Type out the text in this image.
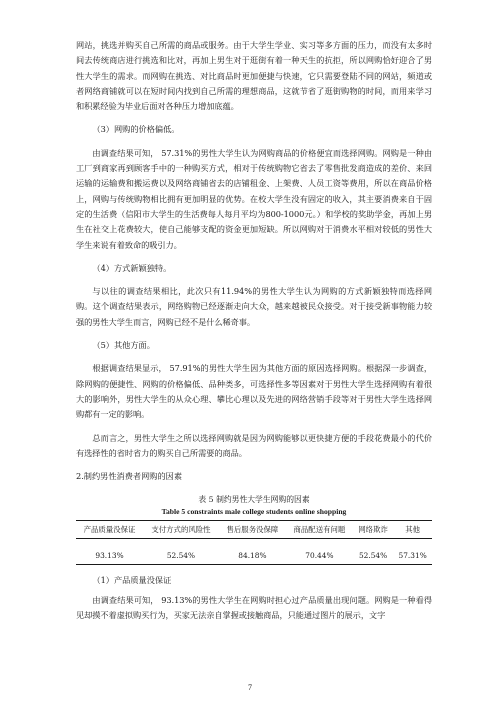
网站，挑选并购买自己所需的商品或服务。由于大学生学业、实习等多方面的压力，而没有太多时间去传统商店进行挑选和比对，再加上男生对于逛街有着一种天生的抗拒，所以网购恰好迎合了男性大学生的需求。而网购在挑选、对比商品时更加便捷与快速，它只需要登陆不同的网站，频道或者网络商铺就可以在短时间内找到自己所需的理想商品，这就节省了逛街购物的时间，而用来学习和积累经验为毕业后面对各种压力增加底蕴。

（3）网购的价格偏低。

由调查结果可知， 57.31%的男性大学生认为网购商品的价格便宜而选择网购。网购是一种由工厂到商家再到顾客手中的一种购买方式，相对于传统购物它省去了零售批发商造成的差价、来回运输的运输费和搬运费以及网络商铺省去的店铺租金、上架费、人员工资等费用，所以在商品价格上，网购与传统购物相比拥有更加明显的优势。在校大学生没有固定的收入，其主要消费来自于固定的生活费（信阳市大学生的生活费每人每月平均为800-1000元。）和学校的奖助学金，再加上男生在社交上花费较大，使自己能够支配的资金更加短缺。所以网购对于消费水平相对较低的男性大学生来说有着致命的吸引力。

（4）方式新颖独特。

与以往的调查结果相比，此次只有11.94%的男性大学生认为网购的方式新颖独特而选择网购。这个调查结果表示，网络购物已经逐渐走向大众，越来越被民众接受。对于接受新事物能力较强的男性大学生而言，网购已经不是什么稀奇事。

（5）其他方面。

根据调查结果显示， 57.91%的男性大学生因为其他方面的原因选择网购。根据深一步调查，除网购的便捷性、网购的价格偏低、品种类多，可选择性多等因素对于男性大学生选择网购有着很大的影响外，男性大学生的从众心理、攀比心理以及先进的网络营销手段等对于男性大学生选择网购都有一定的影响。

总而言之，男性大学生之所以选择网购就是因为网购能够以更快捷方便的手段花费最小的代价有选择性的省时省力的购买自己所需要的商品。

2.制约男性消费者网购的因素
表 5 制约男性大学生网购的因素
Table 5 constraints male college students online shopping
产品质量没保证	支付方式的风险性	售后服务没保障	商品配送有问题	网络欺诈	其他
93.13%	52.54%	84.18%	70.44%	52.54%	57.31%
（1）产品质量没保证

由调查结果可知， 93.13%的男性大学生在网购时担心过产品质量出现问题。网购是一种看得见却摸不着虚拟购买行为，买家无法亲自掌握或接触商品，只能通过图片的展示，文字

7
